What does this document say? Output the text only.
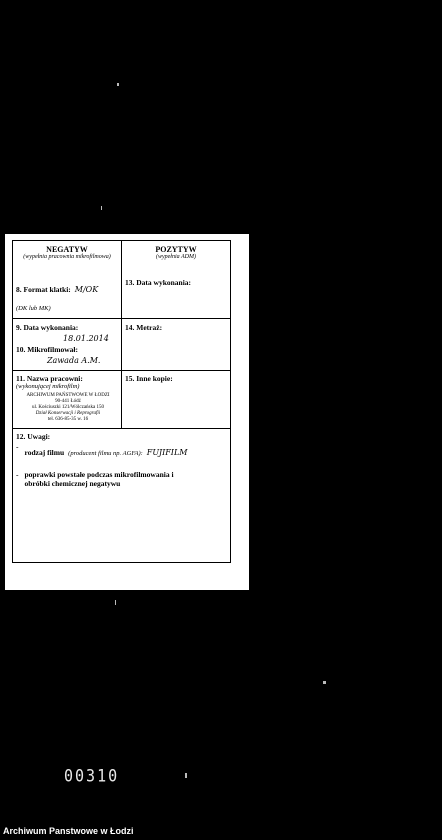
NEGATYW
(wypełnia pracownia mikrofilmowa)
POZYTYW
(wypełnia ADM)
8. Format klatki: M/OK
(DK lub MK)
13. Data wykonania:
9. Data wykonania:
18.01.2014
10. Mikrofilmował:
Zawada A.M.
14. Metraż:
11. Nazwa pracowni:
(wykonującej mikrofilm)
ARCHIWUM PAŃSTWOWE W ŁODZI
90-441 Łódź
ul. Kościuszki 121/Wólczańska 150
Dział Konserwacji i Reprografii
tel. 636-85-35 w. 16
15. Inne kopie:
12. Uwagi:
-
rodzaj filmu (producent filmu np. AGFA): FUJIFILM
- poprawki powstałe podczas mikrofilmowania i obróbki chemicznej negatywu
00310
Archiwum Panstwowe w Łodzi
